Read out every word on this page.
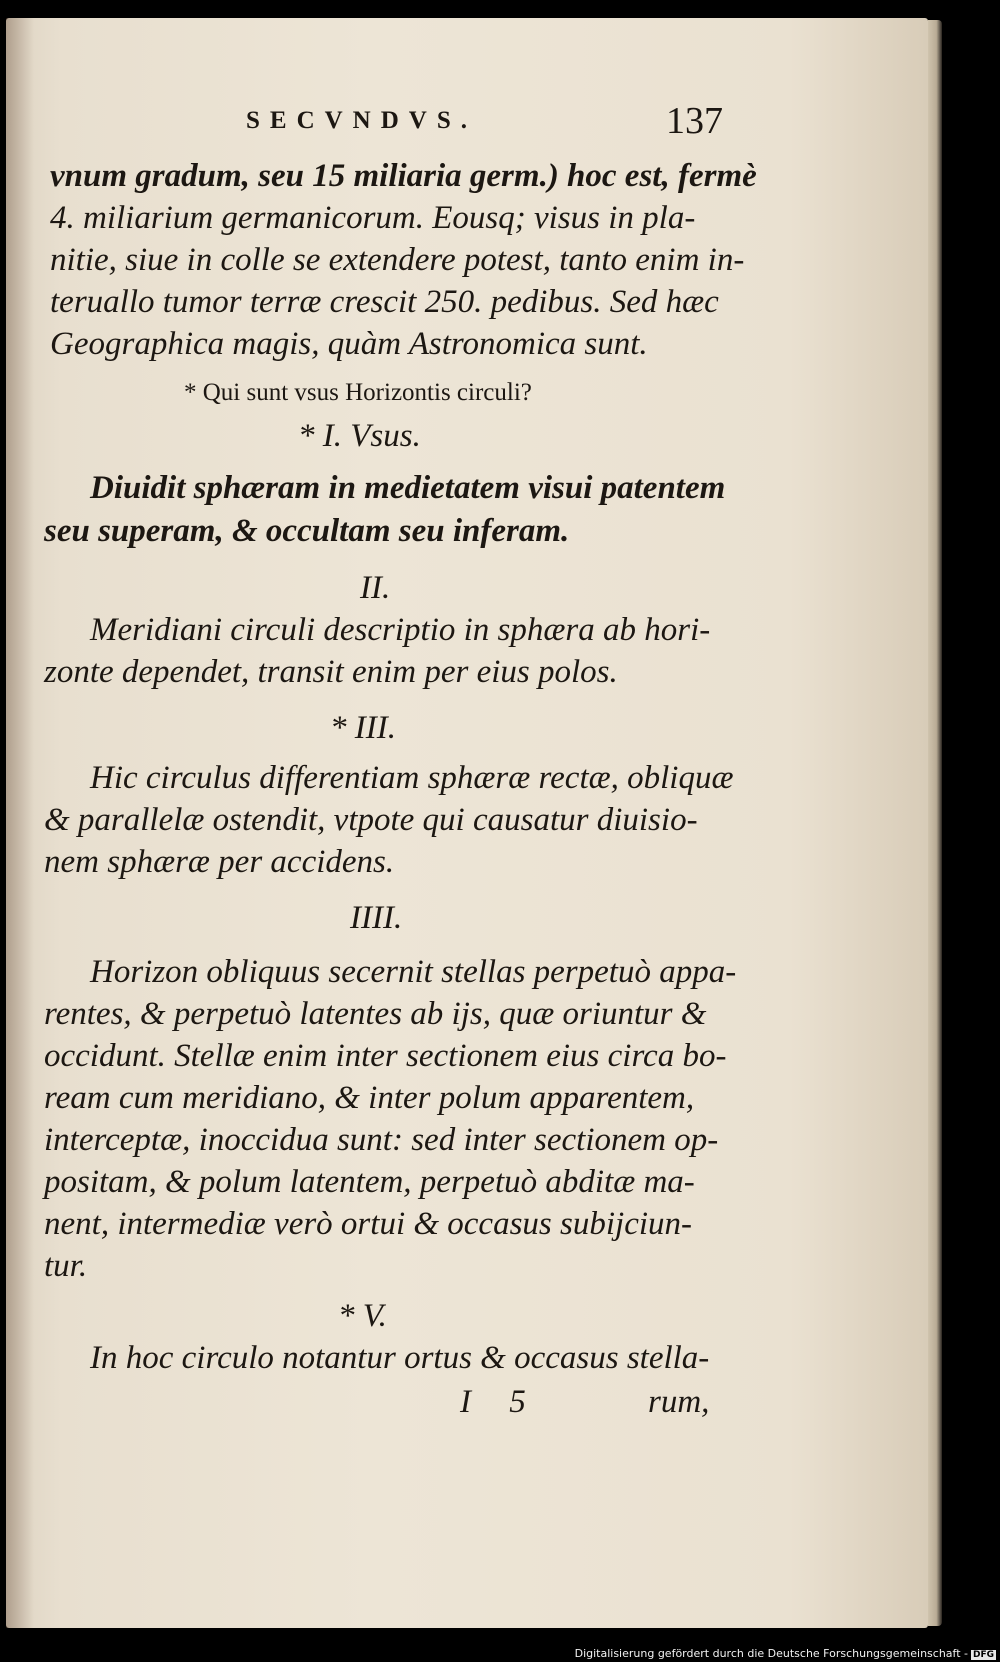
SECVNDVS.	137
vnum gradum, seu 15 miliaria germ.) hoc est, fermè
4. miliarium germanicorum. Eousq; visus in pla-
nitie, siue in colle se extendere potest, tanto enim in-
teruallo tumor terræ crescit 250. pedibus. Sed hæc
Geographica magis, quàm Astronomica sunt.
* Qui sunt vsus Horizontis circuli?
* I. Vsus.
Diuidit sphæram in medietatem visui patentem
seu superam, & occultam seu inferam.
II.
Meridiani circuli descriptio in sphæra ab hori-
zonte dependet, transit enim per eius polos.
* III.
Hic circulus differentiam sphæræ rectæ, obliquæ
& parallelæ ostendit, vtpote qui causatur diuisio-
nem sphæræ per accidens.
IIII.
Horizon obliquus secernit stellas perpetuò appa-
rentes, & perpetuò latentes ab ijs, quæ oriuntur &
occidunt. Stellæ enim inter sectionem eius circa bo-
ream cum meridiano, & inter polum apparentem,
interceptæ, inoccidua sunt: sed inter sectionem op-
positam, & polum latentem, perpetuò abditæ ma-
nent, intermediæ verò ortui & occasus subijciun-
tur.
* V.
In hoc circulo notantur ortus & occasus stella-
I 5	rum,
Digitalisierung gefördert durch die Deutsche Forschungsgemeinschaft - DFG
